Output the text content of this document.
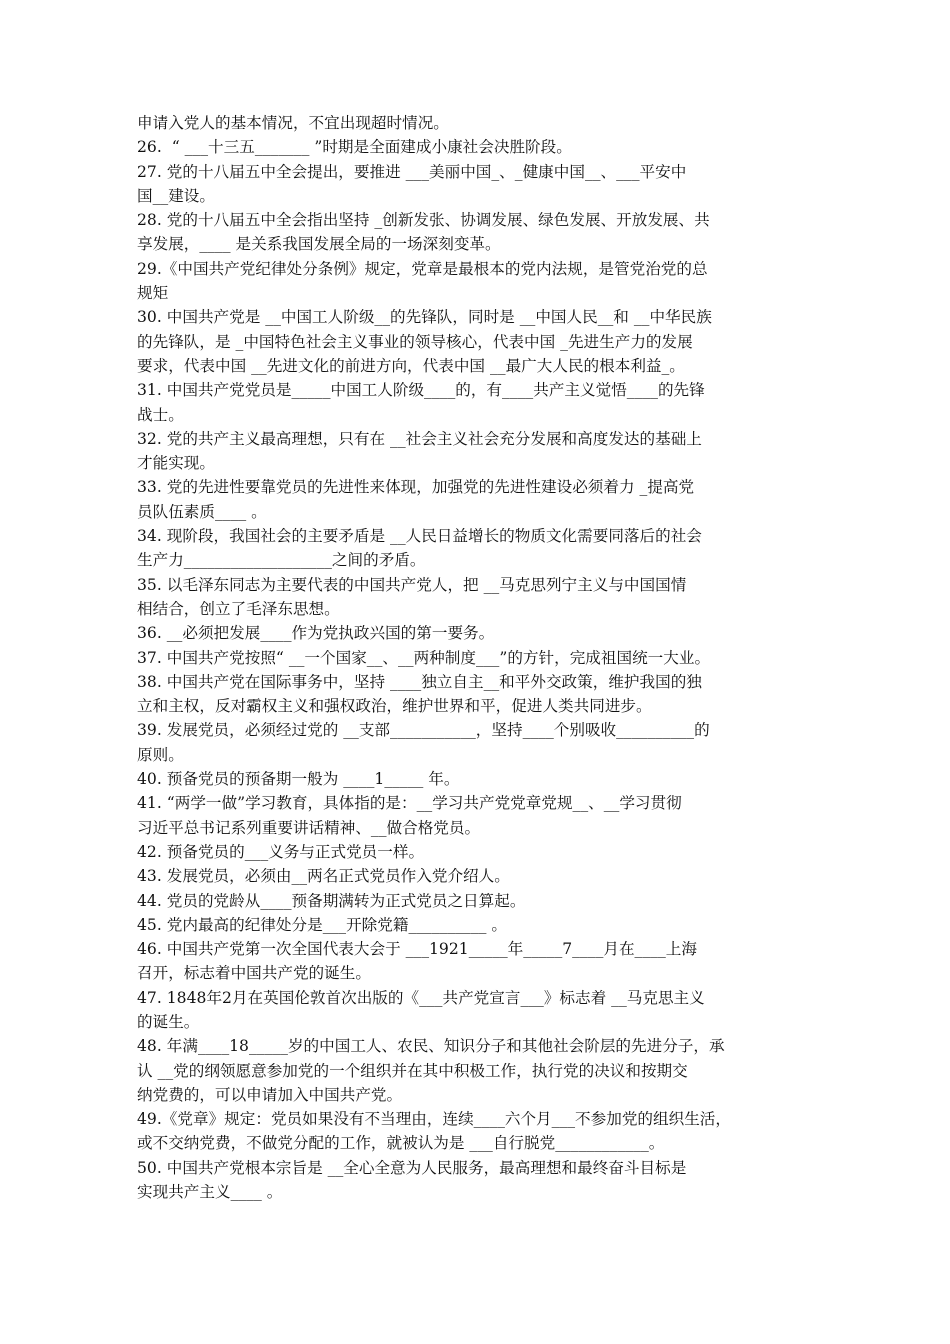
申请入党人的基本情况，不宜出现超时情况。
26.  “ ___十三五_______ ”时期是全面建成小康社会决胜阶段。
27. 党的十八届五中全会提出，要推进 ___美丽中国_、_健康中国__、___平安中
国__建设。
28. 党的十八届五中全会指出坚持 _创新发张、协调发展、绿色发展、开放发展、共
享发展，____ 是关系我国发展全局的一场深刻变革。
29.《中国共产党纪律处分条例》规定，党章是最根本的党内法规，是管党治党的总
规矩
30. 中国共产党是 __中国工人阶级__的先锋队，同时是 __中国人民__和 __中华民族
的先锋队，是 _中国特色社会主义事业的领导核心，代表中国 _先进生产力的发展
要求，代表中国 __先进文化的前进方向，代表中国 __最广大人民的根本利益_。
31. 中国共产党党员是_____中国工人阶级____的，有____共产主义觉悟____的先锋
战士。
32. 党的共产主义最高理想，只有在 __社会主义社会充分发展和高度发达的基础上
才能实现。
33. 党的先进性要靠党员的先进性来体现，加强党的先进性建设必须着力 _提高党
员队伍素质____ 。
34. 现阶段，我国社会的主要矛盾是 __人民日益增长的物质文化需要同落后的社会
生产力___________________之间的矛盾。
35. 以毛泽东同志为主要代表的中国共产党人，把 __马克思列宁主义与中国国情
相结合，创立了毛泽东思想。
36. __必须把发展____作为党执政兴国的第一要务。
37. 中国共产党按照“ __一个国家__、__两种制度___”的方针，完成祖国统一大业。
38. 中国共产党在国际事务中，坚持 ____独立自主__和平外交政策，维护我国的独
立和主权，反对霸权主义和强权政治，维护世界和平，促进人类共同进步。
39. 发展党员，必须经过党的 __支部___________，坚持____个别吸收__________的
原则。
40. 预备党员的预备期一般为 ____1_____ 年。
41. “两学一做”学习教育，具体指的是：__学习共产党党章党规__、__学习贯彻
习近平总书记系列重要讲话精神、__做合格党员。
42. 预备党员的___义务与正式党员一样。
43. 发展党员，必须由__两名正式党员作入党介绍人。
44. 党员的党龄从____预备期满转为正式党员之日算起。
45. 党内最高的纪律处分是___开除党籍__________ 。
46. 中国共产党第一次全国代表大会于 ___1921_____年_____7____月在____上海
召开，标志着中国共产党的诞生。
47. 1848年2月在英国伦敦首次出版的《___共产党宣言___》标志着 __马克思主义
的诞生。
48. 年满____18_____岁的中国工人、农民、知识分子和其他社会阶层的先进分子，承
认 __党的纲领愿意参加党的一个组织并在其中积极工作，执行党的决议和按期交
纳党费的，可以申请加入中国共产党。
49.《党章》规定：党员如果没有不当理由，连续____六个月___不参加党的组织生活，
或不交纳党费，不做党分配的工作，就被认为是 ___自行脱党____________。
50. 中国共产党根本宗旨是 __全心全意为人民服务，最高理想和最终奋斗目标是
实现共产主义____ 。
